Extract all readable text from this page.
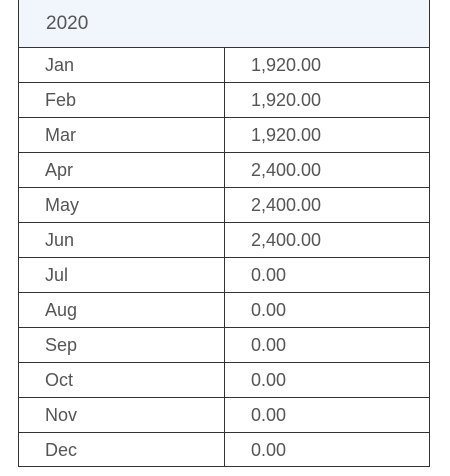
2020
Jan	1,920.00
Feb	1,920.00
Mar	1,920.00
Apr	2,400.00
May	2,400.00
Jun	2,400.00
Jul	0.00
Aug	0.00
Sep	0.00
Oct	0.00
Nov	0.00
Dec	0.00
